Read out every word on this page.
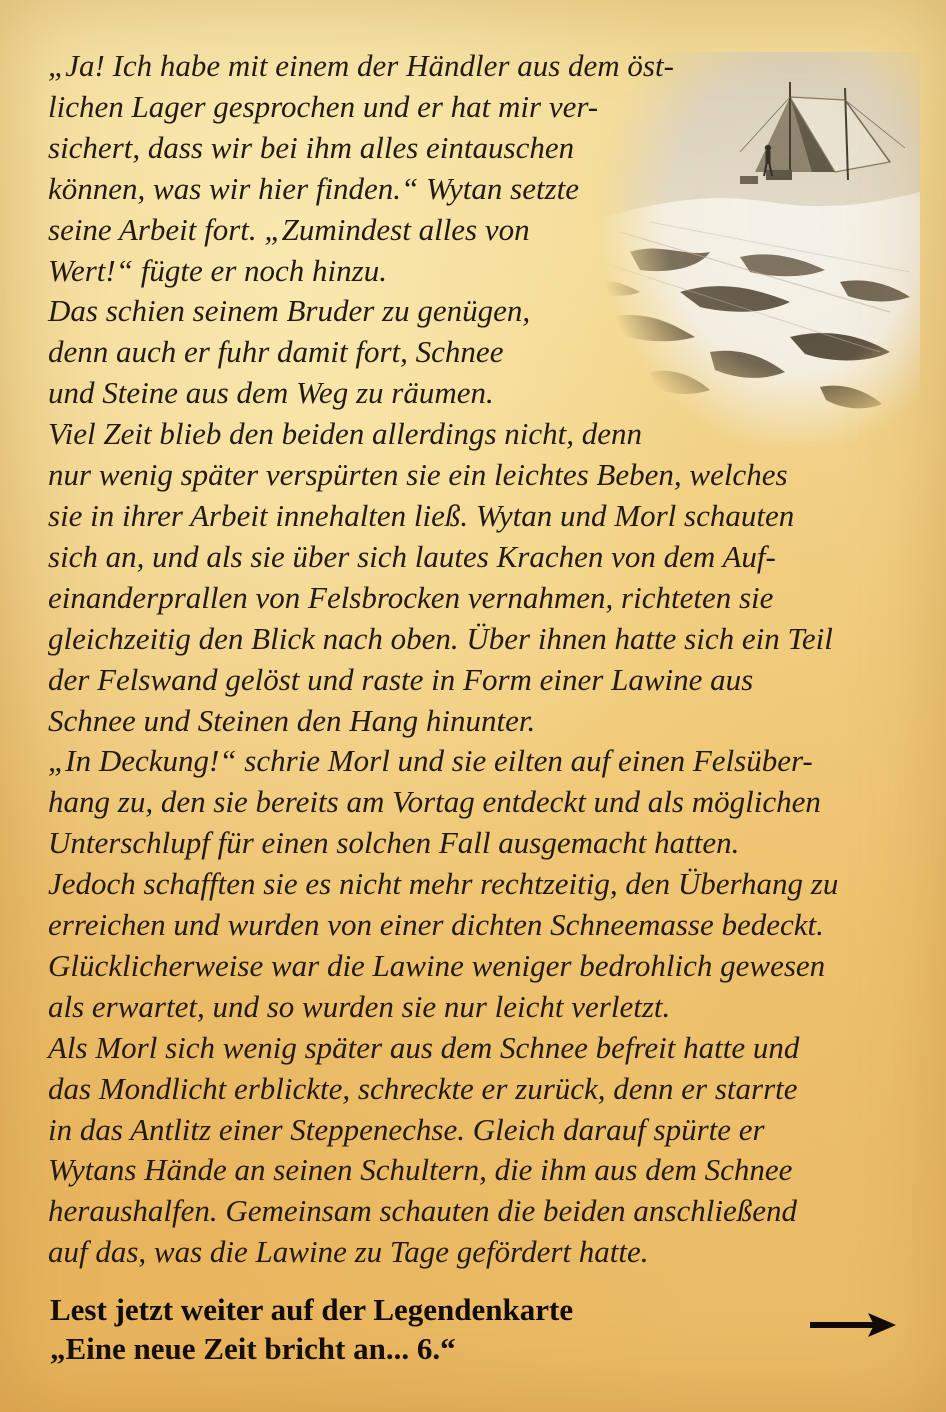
„Ja! Ich habe mit einem der Händler aus dem öst-
lichen Lager gesprochen und er hat mir ver-
sichert, dass wir bei ihm alles eintauschen
können, was wir hier finden.“ Wytan setzte
seine Arbeit fort. „Zumindest alles von
Wert!“ fügte er noch hinzu.
Das schien seinem Bruder zu genügen,
denn auch er fuhr damit fort, Schnee
und Steine aus dem Weg zu räumen.
Viel Zeit blieb den beiden allerdings nicht, denn
nur wenig später verspürten sie ein leichtes Beben, welches
sie in ihrer Arbeit innehalten ließ. Wytan und Morl schauten
sich an, und als sie über sich lautes Krachen von dem Auf-
einanderprallen von Felsbrocken vernahmen, richteten sie
gleichzeitig den Blick nach oben. Über ihnen hatte sich ein Teil
der Felswand gelöst und raste in Form einer Lawine aus
Schnee und Steinen den Hang hinunter.
„In Deckung!“ schrie Morl und sie eilten auf einen Felsüber-
hang zu, den sie bereits am Vortag entdeckt und als möglichen
Unterschlupf für einen solchen Fall ausgemacht hatten.
Jedoch schafften sie es nicht mehr rechtzeitig, den Überhang zu
erreichen und wurden von einer dichten Schneemasse bedeckt.
Glücklicherweise war die Lawine weniger bedrohlich gewesen
als erwartet, und so wurden sie nur leicht verletzt.
Als Morl sich wenig später aus dem Schnee befreit hatte und
das Mondlicht erblickte, schreckte er zurück, denn er starrte
in das Antlitz einer Steppenechse. Gleich darauf spürte er
Wytans Hände an seinen Schultern, die ihm aus dem Schnee
heraushalfen. Gemeinsam schauten die beiden anschließend
auf das, was die Lawine zu Tage gefördert hatte.
Lest jetzt weiter auf der Legendenkarte
„Eine neue Zeit bricht an... 6.“
